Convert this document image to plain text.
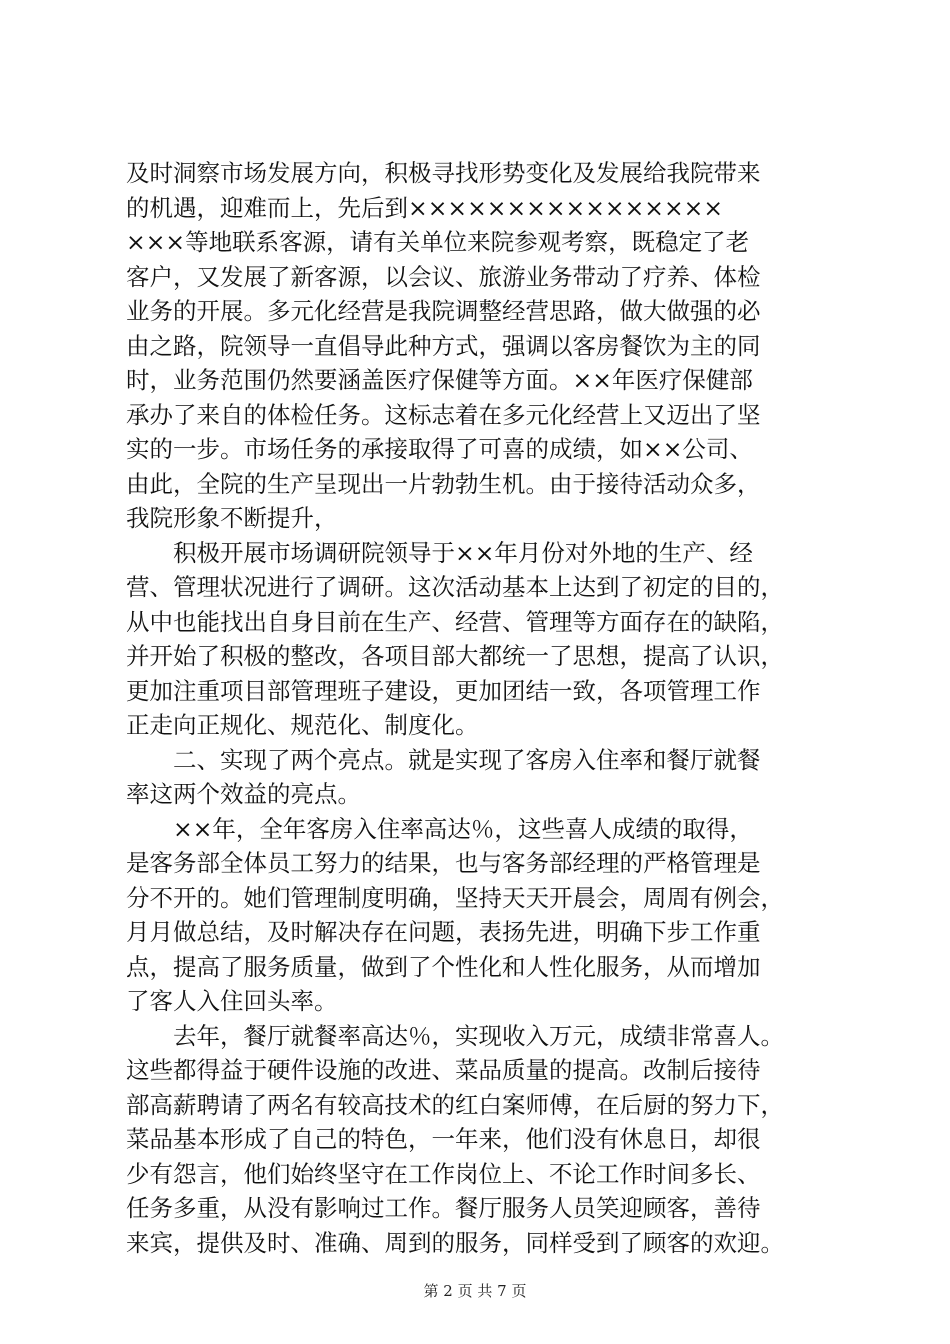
及时洞察市场发展方向，积极寻找形势变化及发展给我院带来
的机遇，迎难而上，先后到××××××××××××××××
×××等地联系客源，请有关单位来院参观考察，既稳定了老
客户，又发展了新客源，以会议、旅游业务带动了疗养、体检
业务的开展。多元化经营是我院调整经营思路，做大做强的必
由之路，院领导一直倡导此种方式，强调以客房餐饮为主的同
时，业务范围仍然要涵盖医疗保健等方面。××年医疗保健部
承办了来自的体检任务。这标志着在多元化经营上又迈出了坚
实的一步。市场任务的承接取得了可喜的成绩，如××公司、
由此，全院的生产呈现出一片勃勃生机。由于接待活动众多，
我院形象不断提升，
　　积极开展市场调研院领导于××年月份对外地的生产、经
营、管理状况进行了调研。这次活动基本上达到了初定的目的，
从中也能找出自身目前在生产、经营、管理等方面存在的缺陷，
并开始了积极的整改，各项目部大都统一了思想，提高了认识，
更加注重项目部管理班子建设，更加团结一致，各项管理工作
正走向正规化、规范化、制度化。
　　二、实现了两个亮点。就是实现了客房入住率和餐厅就餐
率这两个效益的亮点。
　　××年，全年客房入住率高达％，这些喜人成绩的取得，
是客务部全体员工努力的结果，也与客务部经理的严格管理是
分不开的。她们管理制度明确，坚持天天开晨会，周周有例会，
月月做总结，及时解决存在问题，表扬先进，明确下步工作重
点，提高了服务质量，做到了个性化和人性化服务，从而增加
了客人入住回头率。
　　去年，餐厅就餐率高达％，实现收入万元，成绩非常喜人。
这些都得益于硬件设施的改进、菜品质量的提高。改制后接待
部高薪聘请了两名有较高技术的红白案师傅，在后厨的努力下，
菜品基本形成了自己的特色，一年来，他们没有休息日，却很
少有怨言，他们始终坚守在工作岗位上、不论工作时间多长、
任务多重，从没有影响过工作。餐厅服务人员笑迎顾客，善待
来宾，提供及时、准确、周到的服务，同样受到了顾客的欢迎。
第 2 页 共 7 页
